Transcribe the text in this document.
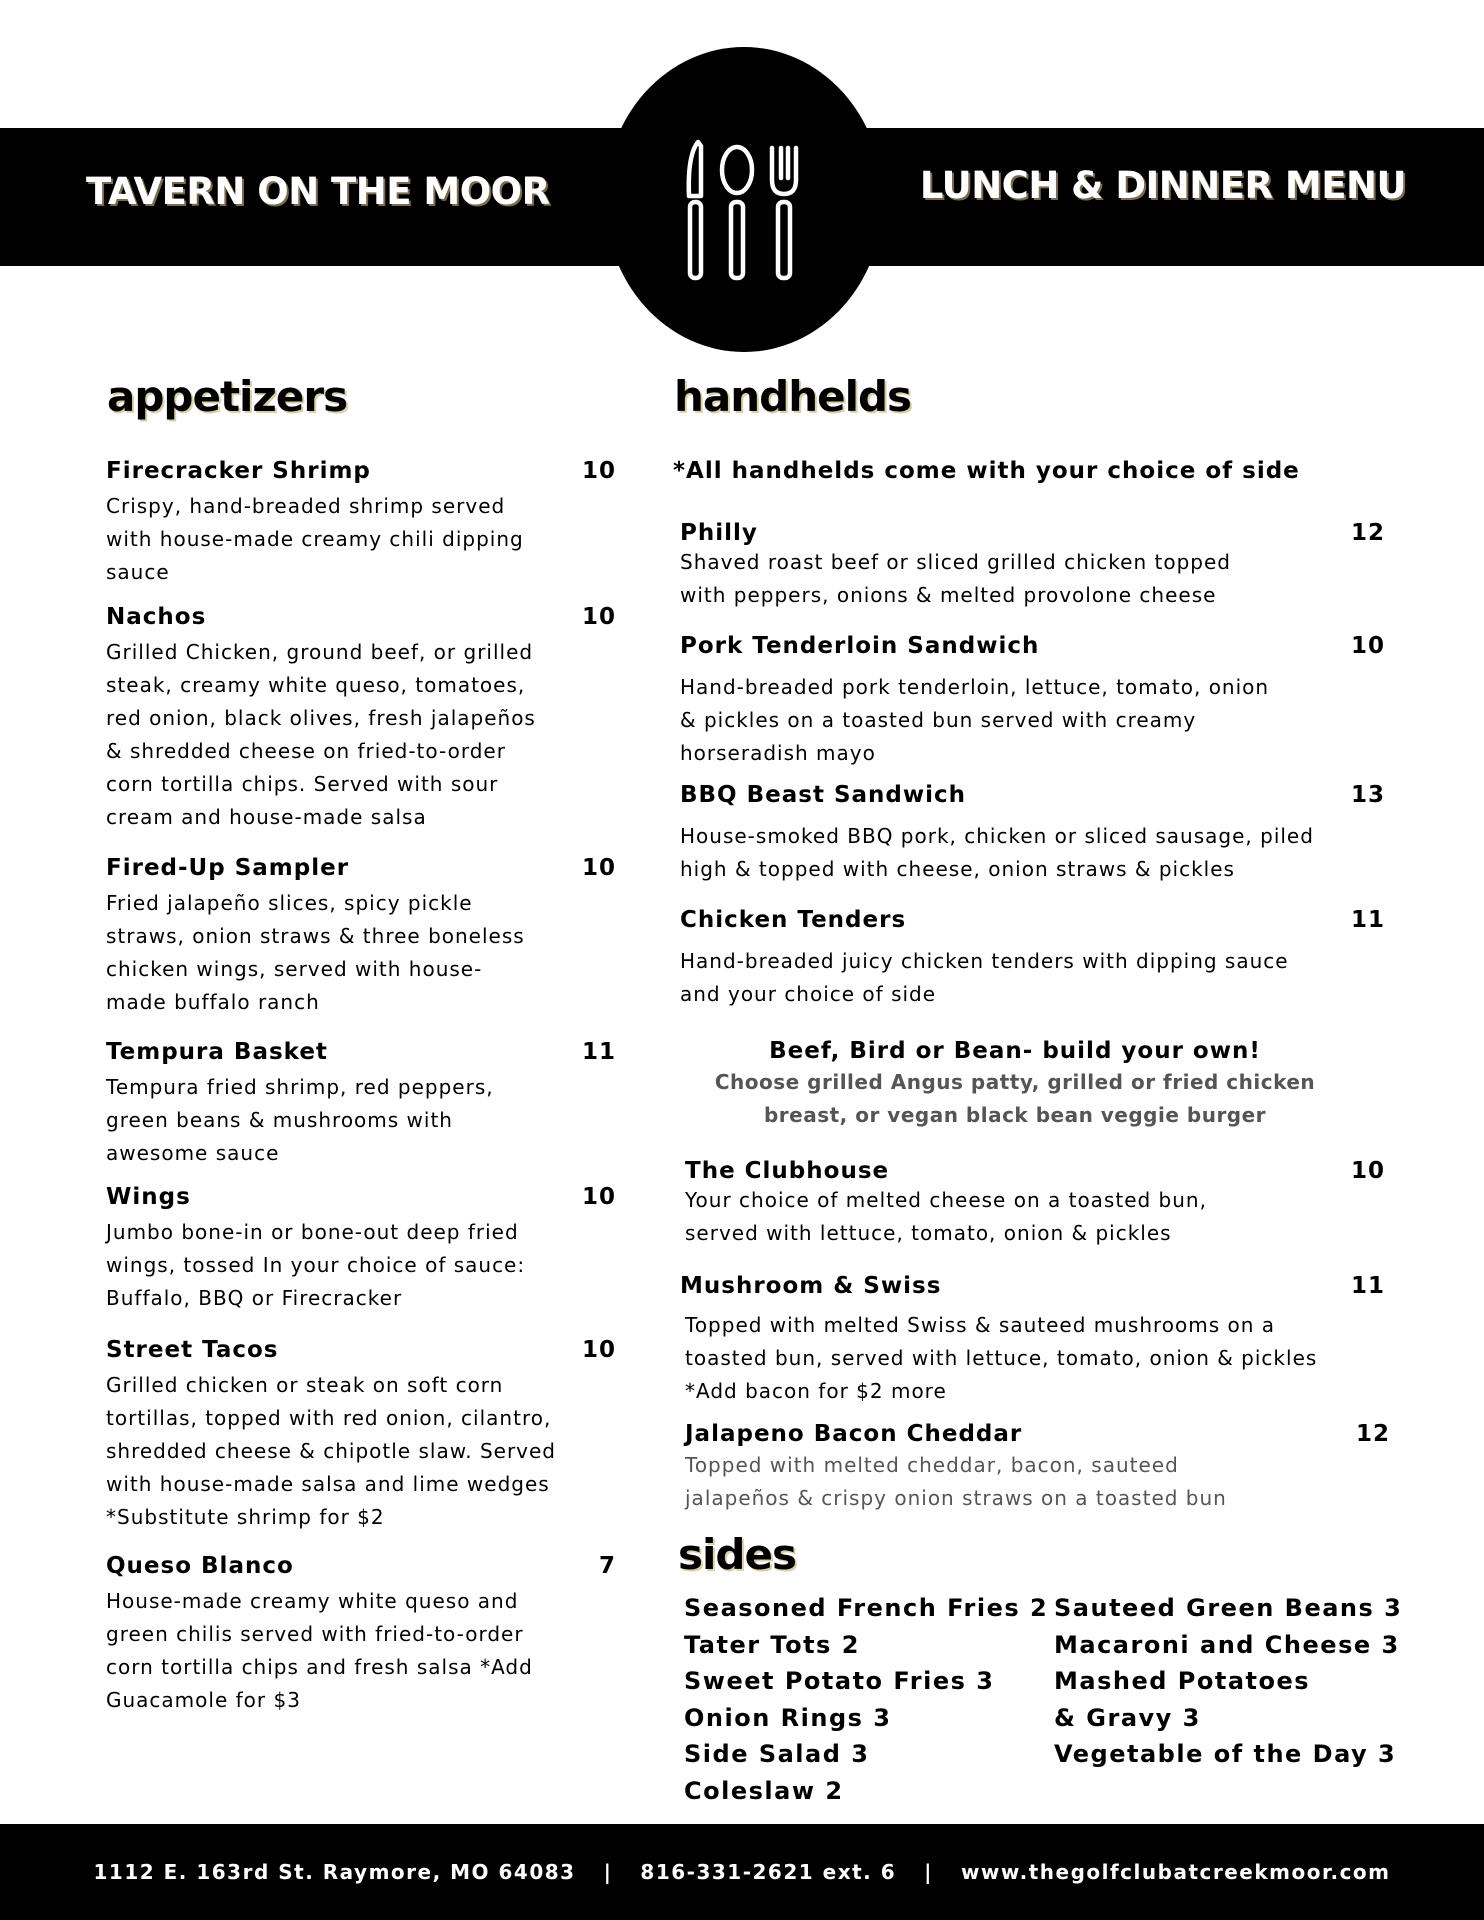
TAVERN ON THE MOOR	LUNCH & DINNER MENU
appetizers	handhelds
sides
Firecracker Shrimp	10
Crispy, hand-breaded shrimp served with house-made creamy chili dipping sauce
Nachos	10
Grilled Chicken, ground beef, or grilled steak, creamy white queso, tomatoes, red onion, black olives, fresh jalapeños & shredded cheese on fried-to-order corn tortilla chips. Served with sour cream and house-made salsa
Fired-Up Sampler	10
Fried jalapeño slices, spicy pickle straws, onion straws & three boneless chicken wings, served with house-made buffalo ranch
Tempura Basket	11
Tempura fried shrimp, red peppers, green beans & mushrooms with awesome sauce
Wings	10
Jumbo bone-in or bone-out deep fried wings, tossed In your choice of sauce: Buffalo, BBQ or Firecracker
Street Tacos	10
Grilled chicken or steak on soft corn tortillas, topped with red onion, cilantro, shredded cheese & chipotle slaw. Served with house-made salsa and lime wedges *Substitute shrimp for $2
Queso Blanco	7
House-made creamy white queso and green chilis served with fried-to-order corn tortilla chips and fresh salsa *Add Guacamole for $3
*All handhelds come with your choice of side
Philly	12
Shaved roast beef or sliced grilled chicken topped with peppers, onions & melted provolone cheese
Pork Tenderloin Sandwich	10
Hand-breaded pork tenderloin, lettuce, tomato, onion & pickles on a toasted bun served with creamy horseradish mayo
BBQ Beast Sandwich	13
House-smoked BBQ pork, chicken or sliced sausage, piled high & topped with cheese, onion straws & pickles
Chicken Tenders	11
Hand-breaded juicy chicken tenders with dipping sauce and your choice of side
Beef, Bird or Bean- build your own!
Choose grilled Angus patty, grilled or fried chicken breast, or vegan black bean veggie burger
The Clubhouse	10
Your choice of melted cheese on a toasted bun, served with lettuce, tomato, onion & pickles
Mushroom & Swiss	11
Topped with melted Swiss & sauteed mushrooms on a toasted bun, served with lettuce, tomato, onion & pickles *Add bacon for $2 more
Jalapeno Bacon Cheddar	12
Topped with melted cheddar, bacon, sauteed jalapeños & crispy onion straws on a toasted bun
Seasoned French Fries 2
Tater Tots 2
Sweet Potato Fries 3
Onion Rings 3
Side Salad 3
Coleslaw 2
Sauteed Green Beans 3
Macaroni and Cheese 3
Mashed Potatoes
& Gravy 3
Vegetable of the Day 3
1112 E. 163rd St. Raymore, MO 64083 | 816-331-2621 ext. 6 | www.thegolfclubatcreekmoor.com
